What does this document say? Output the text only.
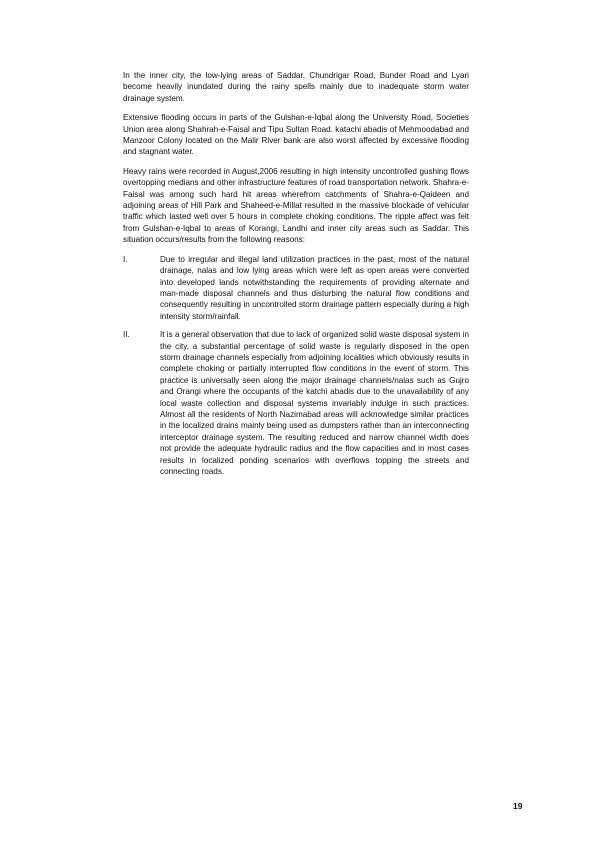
In the inner city, the low-lying areas of Saddar, Chundrigar Road, Bunder Road and Lyari become heavily inundated during the rainy spells mainly due to inadequate storm water drainage system.

Extensive flooding occurs in parts of the Gulshan-e-Iqbal along the University Road, Societies Union area along Shahrah-e-Faisal and Tipu Sultan Road. katachi abadis of Mehmoodabad and Manzoor Colony located on the Malir River bank are also worst affected by excessive flooding and stagnant water.

Heavy rains were recorded in August,2006 resulting in high intensity uncontrolled gushing flows overtopping medians and other infrastructure features of road transportation network. Shahra-e-Faisal was among such hard hit areas wherefrom catchments of Shahra-e-Qaideen and adjoining areas of Hill Park and Shaheed-e-Millat resulted in the massive blockade of vehicular traffic which lasted well over 5 hours in complete choking conditions. The ripple affect was felt from Gulshan-e-Iqbal to areas of Korangi, Landhi and inner city areas such as Saddar. This situation occurs/results from the following reasons:

I.	Due to irregular and illegal land utilization practices in the past, most of the natural drainage, nalas and low lying areas which were left as open areas were converted into developed lands notwithstanding the requirements of providing alternate and man-made disposal channels and thus disturbing the natural flow conditions and consequently resulting in uncontrolled storm drainage pattern especially during a high intensity storm/rainfall.
II.	It is a general observation that due to lack of organized solid waste disposal system in the city, a substantial percentage of solid waste is regularly disposed in the open storm drainage channels especially from adjoining localities which obviously results in complete choking or partially interrupted flow conditions in the event of storm. This practice is universally seen along the major drainage channels/nalas such as Gujro and Orangi where the occupants of the katchi abadis due to the unavailability of any local waste collection and disposal systems invariably indulge in such practices. Almost all the residents of North Nazimabad areas will acknowledge similar practices in the localized drains mainly being used as dumpsters rather than an interconnecting interceptor drainage system. The resulting reduced and narrow channel width does not provide the adequate hydraulic radius and the flow capacities and in most cases results in localized ponding scenarios with overflows topping the streets and connecting roads.
19
